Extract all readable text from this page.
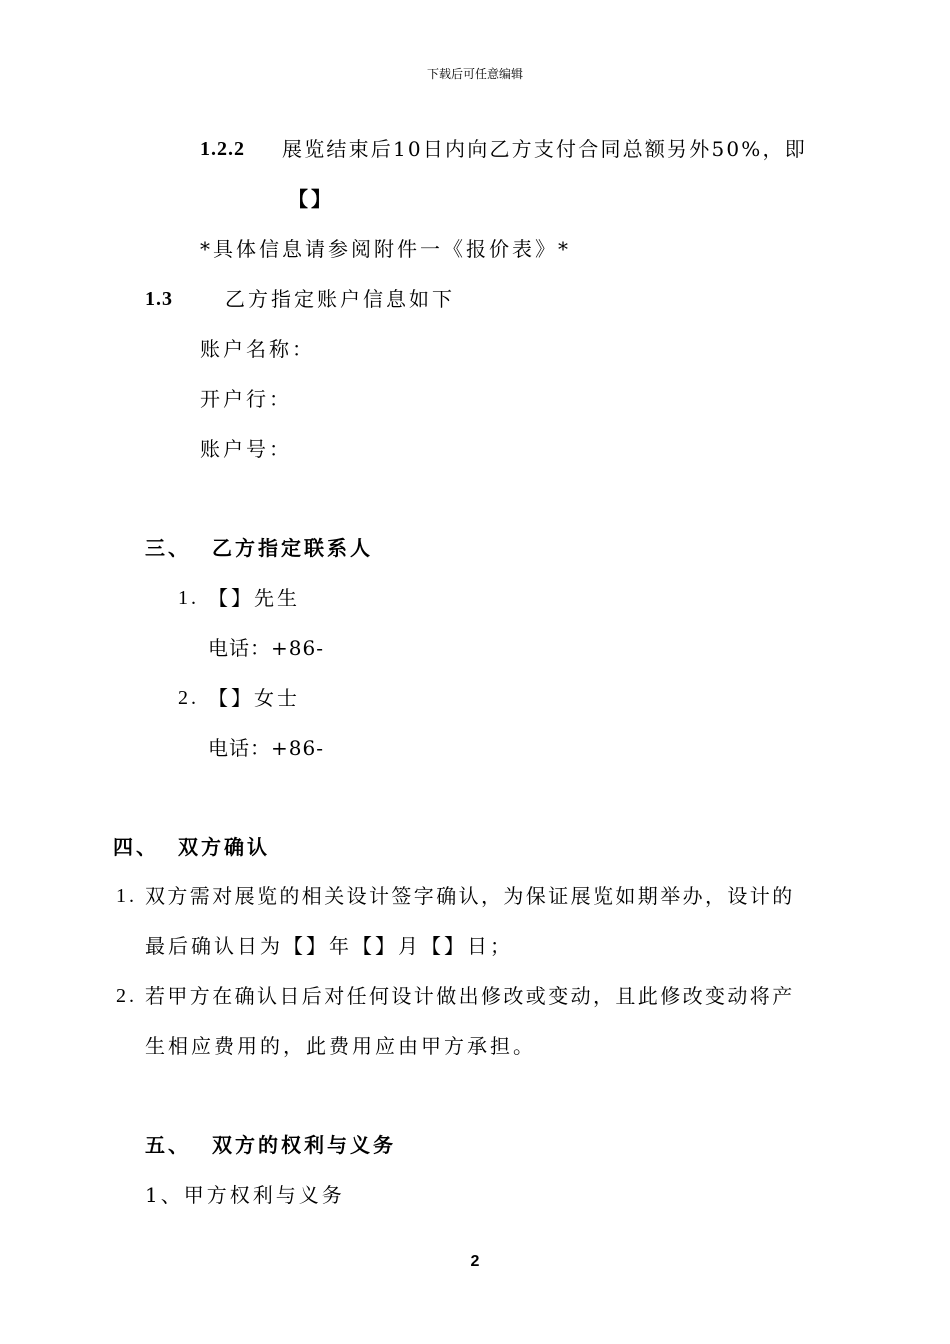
下载后可任意编辑
1.2.2 展览结束后10日内向乙方支付合同总额另外50%，即
【】
*具体信息请参阅附件一《报价表》*
1.3	乙方指定账户信息如下
账户名称：
开户行：
账户号：
三、 乙方指定联系人
1. 【】先生
电话：+86-
2. 【】女士
电话：+86-
四、 双方确认
1. 双方需对展览的相关设计签字确认，为保证展览如期举办，设计的
最后确认日为【】年【】月【】日；
2. 若甲方在确认日后对任何设计做出修改或变动，且此修改变动将产
生相应费用的，此费用应由甲方承担。
五、 双方的权利与义务
1、甲方权利与义务
2
